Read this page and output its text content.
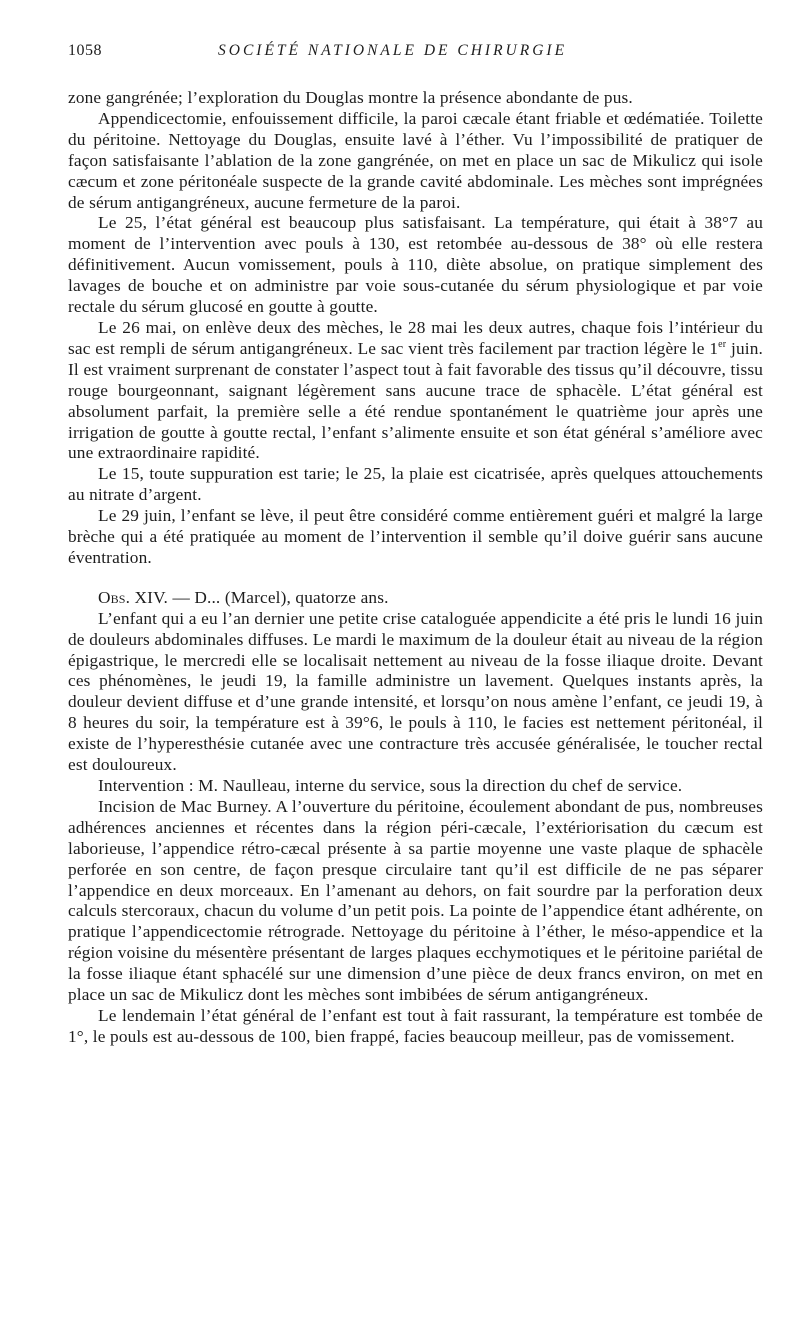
1058	SOCIÉTÉ NATIONALE DE CHIRURGIE

zone gangrénée; l’exploration du Douglas montre la présence abondante de pus.

Appendicectomie, enfouissement difficile, la paroi cæcale étant friable et œdématiée. Toilette du péritoine. Nettoyage du Douglas, ensuite lavé à l’éther. Vu l’impossibilité de pratiquer de façon satisfaisante l’ablation de la zone gangrénée, on met en place un sac de Mikulicz qui isole cæcum et zone péritonéale suspecte de la grande cavité abdominale. Les mèches sont imprégnées de sérum antigangréneux, aucune fermeture de la paroi.

Le 25, l’état général est beaucoup plus satisfaisant. La température, qui était à 38°7 au moment de l’intervention avec pouls à 130, est retombée au-dessous de 38° où elle restera définitivement. Aucun vomissement, pouls à 110, diète absolue, on pratique simplement des lavages de bouche et on administre par voie sous-cutanée du sérum physiologique et par voie rectale du sérum glucosé en goutte à goutte.

Le 26 mai, on enlève deux des mèches, le 28 mai les deux autres, chaque fois l’intérieur du sac est rempli de sérum antigangréneux. Le sac vient très facilement par traction légère le 1er juin. Il est vraiment surprenant de constater l’aspect tout à fait favorable des tissus qu’il découvre, tissu rouge bourgeonnant, saignant légèrement sans aucune trace de sphacèle. L’état général est absolument parfait, la première selle a été rendue spontanément le quatrième jour après une irrigation de goutte à goutte rectal, l’enfant s’alimente ensuite et son état général s’améliore avec une extraordinaire rapidité.

Le 15, toute suppuration est tarie; le 25, la plaie est cicatrisée, après quelques attouchements au nitrate d’argent.

Le 29 juin, l’enfant se lève, il peut être considéré comme entièrement guéri et malgré la large brèche qui a été pratiquée au moment de l’intervention il semble qu’il doive guérir sans aucune éventration.

Obs. XIV. — D... (Marcel), quatorze ans.

L’enfant qui a eu l’an dernier une petite crise cataloguée appendicite a été pris le lundi 16 juin de douleurs abdominales diffuses. Le mardi le maximum de la douleur était au niveau de la région épigastrique, le mercredi elle se localisait nettement au niveau de la fosse iliaque droite. Devant ces phénomènes, le jeudi 19, la famille administre un lavement. Quelques instants après, la douleur devient diffuse et d’une grande intensité, et lorsqu’on nous amène l’enfant, ce jeudi 19, à 8 heures du soir, la température est à 39°6, le pouls à 110, le facies est nettement péritonéal, il existe de l’hyperesthésie cutanée avec une contracture très accusée généralisée, le toucher rectal est douloureux.

Intervention : M. Naulleau, interne du service, sous la direction du chef de service.

Incision de Mac Burney. A l’ouverture du péritoine, écoulement abondant de pus, nombreuses adhérences anciennes et récentes dans la région péri-cæcale, l’extériorisation du cæcum est laborieuse, l’appendice rétro-cæcal présente à sa partie moyenne une vaste plaque de sphacèle perforée en son centre, de façon presque circulaire tant qu’il est difficile de ne pas séparer l’appendice en deux morceaux. En l’amenant au dehors, on fait sourdre par la perforation deux calculs stercoraux, chacun du volume d’un petit pois. La pointe de l’appendice étant adhérente, on pratique l’appendicectomie rétrograde. Nettoyage du péritoine à l’éther, le méso-appendice et la région voisine du mésentère présentant de larges plaques ecchymotiques et le péritoine pariétal de la fosse iliaque étant sphacélé sur une dimension d’une pièce de deux francs environ, on met en place un sac de Mikulicz dont les mèches sont imbibées de sérum antigangréneux.

Le lendemain l’état général de l’enfant est tout à fait rassurant, la température est tombée de 1°, le pouls est au-dessous de 100, bien frappé, facies beaucoup meilleur, pas de vomissement.
